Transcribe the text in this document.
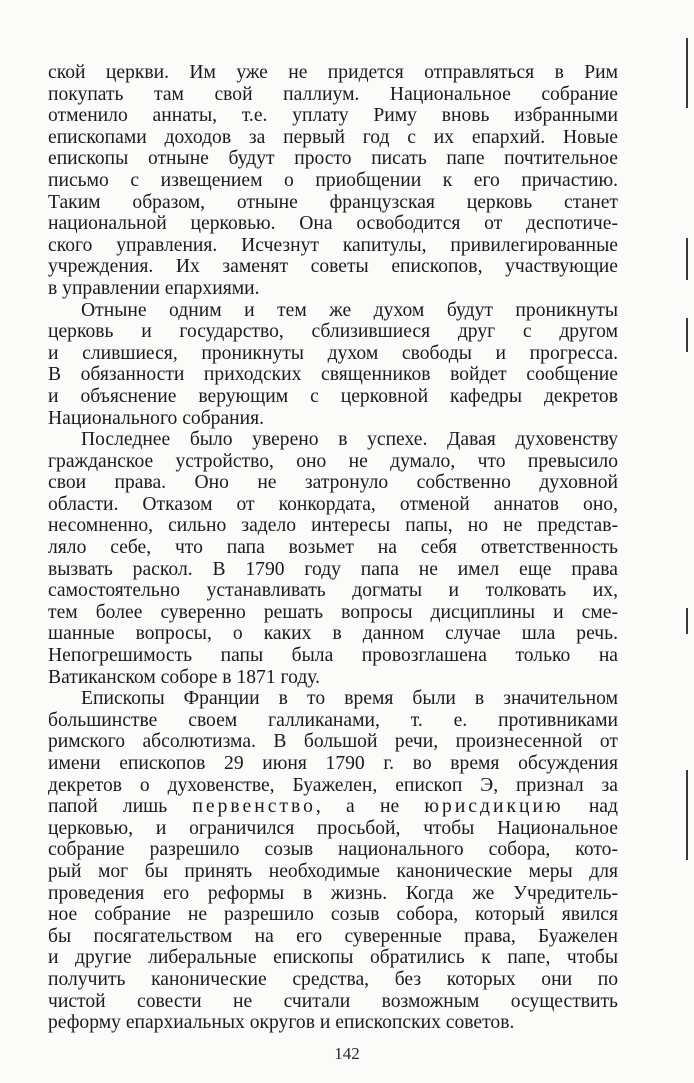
ской церкви. Им уже не придется отправляться в Рим
покупать там свой паллиум. Национальное собрание
отменило аннаты, т.е. уплату Риму вновь избранными
епископами доходов за первый год с их епархий. Новые
епископы отныне будут просто писать папе почтительное
письмо с извещением о приобщении к его причастию.
Таким образом, отныне французская церковь станет
национальной церковью. Она освободится от деспотиче-
ского управления. Исчезнут капитулы, привилегированные
учреждения. Их заменят советы епископов, участвующие
в управлении епархиями.
Отныне одним и тем же духом будут проникнуты
церковь и государство, сблизившиеся друг с другом
и слившиеся, проникнуты духом свободы и прогресса.
В обязанности приходских священников войдет сообщение
и объяснение верующим с церковной кафедры декретов
Национального собрания.
Последнее было уверено в успехе. Давая духовенству
гражданское устройство, оно не думало, что превысило
свои права. Оно не затронуло собственно духовной
области. Отказом от конкордата, отменой аннатов оно,
несомненно, сильно задело интересы папы, но не представ-
ляло себе, что папа возьмет на себя ответственность
вызвать раскол. В 1790 году папа не имел еще права
самостоятельно устанавливать догматы и толковать их,
тем более суверенно решать вопросы дисциплины и сме-
шанные вопросы, о каких в данном случае шла речь.
Непогрешимость папы была провозглашена только на
Ватиканском соборе в 1871 году.
Епископы Франции в то время были в значительном
большинстве своем галликанами, т. е. противниками
римского абсолютизма. В большой речи, произнесенной от
имени епископов 29 июня 1790 г. во время обсуждения
декретов о духовенстве, Буажелен, епископ Э, признал за
папой лишь первенство, а не юрисдикцию над
церковью, и ограничился просьбой, чтобы Национальное
собрание разрешило созыв национального собора, кото-
рый мог бы принять необходимые канонические меры для
проведения его реформы в жизнь. Когда же Учредитель-
ное собрание не разрешило созыв собора, который явился
бы посягательством на его суверенные права, Буажелен
и другие либеральные епископы обратились к папе, чтобы
получить канонические средства, без которых они по
чистой совести не считали возможным осуществить
реформу епархиальных округов и епископских советов.
142
